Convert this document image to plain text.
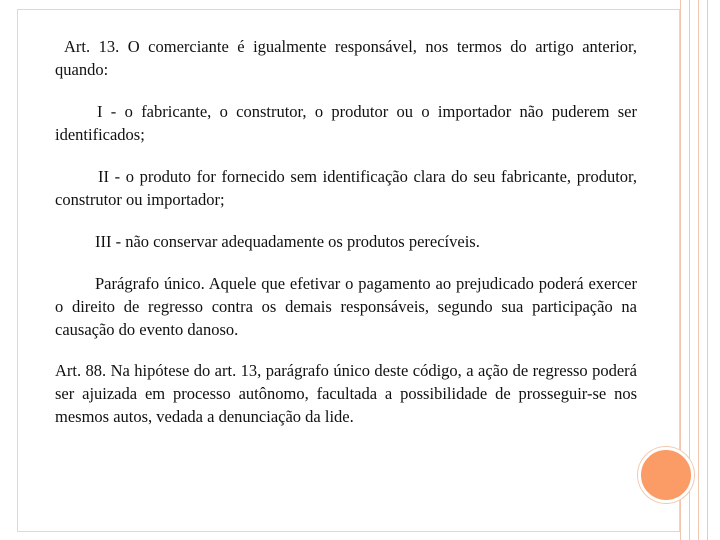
Art. 13. O comerciante é igualmente responsável, nos termos do artigo anterior, quando:

I - o fabricante, o construtor, o produtor ou o importador não puderem ser identificados;

II - o produto for fornecido sem identificação clara do seu fabricante, produtor, construtor ou importador;

III - não conservar adequadamente os produtos perecíveis.

Parágrafo único. Aquele que efetivar o pagamento ao prejudicado poderá exercer o direito de regresso contra os demais responsáveis, segundo sua participação na causação do evento danoso.

Art. 88. Na hipótese do art. 13, parágrafo único deste código, a ação de regresso poderá ser ajuizada em processo autônomo, facultada a possibilidade de prosseguir-se nos mesmos autos, vedada a denunciação da lide.
